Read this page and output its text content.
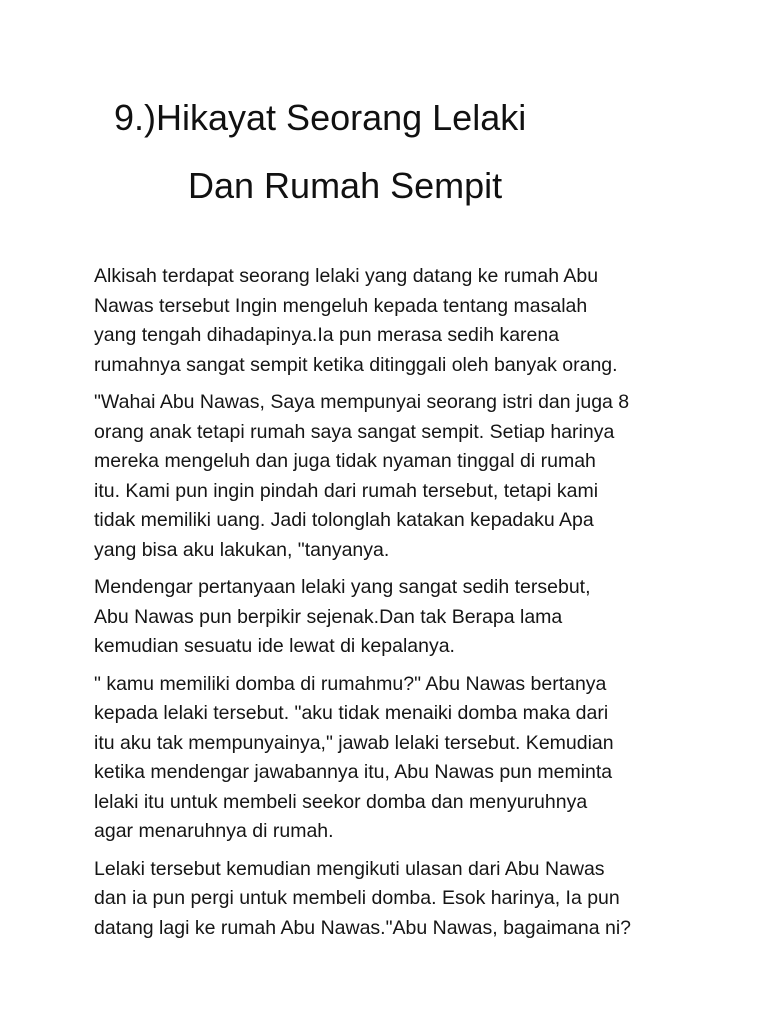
9.)Hikayat Seorang Lelaki
Dan Rumah Sempit

Alkisah terdapat seorang lelaki yang datang ke rumah Abu
Nawas tersebut Ingin mengeluh kepada tentang masalah
yang tengah dihadapinya.Ia pun merasa sedih karena
rumahnya sangat sempit ketika ditinggali oleh banyak orang.

"Wahai Abu Nawas, Saya mempunyai seorang istri dan juga 8
orang anak tetapi rumah saya sangat sempit. Setiap harinya
mereka mengeluh dan juga tidak nyaman tinggal di rumah
itu. Kami pun ingin pindah dari rumah tersebut, tetapi kami
tidak memiliki uang. Jadi tolonglah katakan kepadaku Apa
yang bisa aku lakukan, "tanyanya.

Mendengar pertanyaan lelaki yang sangat sedih tersebut,
Abu Nawas pun berpikir sejenak.Dan tak Berapa lama
kemudian sesuatu ide lewat di kepalanya.

" kamu memiliki domba di rumahmu?" Abu Nawas bertanya
kepada lelaki tersebut. "aku tidak menaiki domba maka dari
itu aku tak mempunyainya," jawab lelaki tersebut. Kemudian
ketika mendengar jawabannya itu, Abu Nawas pun meminta
lelaki itu untuk membeli seekor domba dan menyuruhnya
agar menaruhnya di rumah.

Lelaki tersebut kemudian mengikuti ulasan dari Abu Nawas
dan ia pun pergi untuk membeli domba. Esok harinya, Ia pun
datang lagi ke rumah Abu Nawas."Abu Nawas, bagaimana ni?
